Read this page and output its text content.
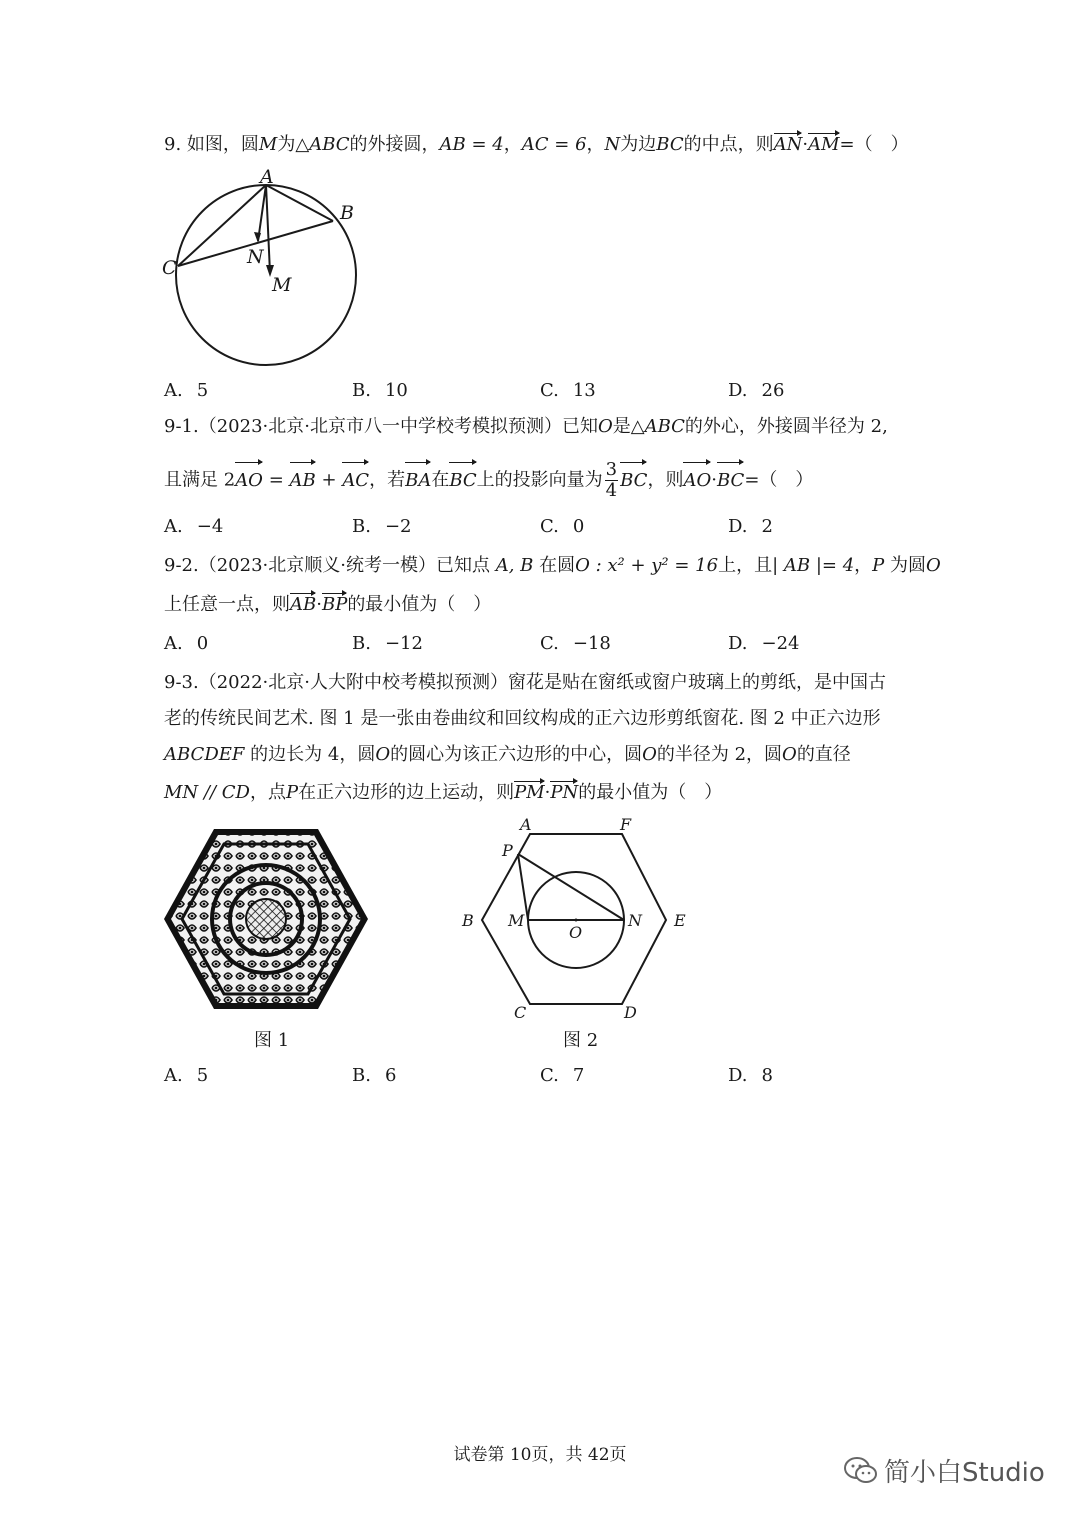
9. 如图，圆M为△ABC的外接圆，AB = 4，AC = 6，N为边BC的中点，则AN·AM=（　）
A
B
C	N
M
A. 5	B. 10	C. 13	D. 26
9-1.（2023·北京·北京市八一中学校考模拟预测）已知O是△ABC的外心，外接圆半径为 2,
且满足 2AO = AB + AC，若BA在BC上的投影向量为 $\frac{3}{4}$ BC，则AO·BC=（　）
A. −4	B. −2	C. 0	D. 2
9-2.（2023·北京顺义·统考一模）已知点 A, B 在圆O : x² + y² = 16上，且| AB |= 4，P 为圆O
上任意一点，则AB·BP的最小值为（　）
A. 0	B. −12	C. −18	D. −24
9-3.（2022·北京·人大附中校考模拟预测）窗花是贴在窗纸或窗户玻璃上的剪纸，是中国古
老的传统民间艺术. 图 1 是一张由卷曲纹和回纹构成的正六边形剪纸窗花. 图 2 中正六边形
ABCDEF 的边长为 4，圆O的圆心为该正六边形的中心，圆O的半径为 2，圆O的直径
MN // CD，点P在正六边形的边上运动，则PM·PN的最小值为（　）
图 1
A	F
P
B M	N E
O
C	D
图 2
A. 5	B. 6	C. 7	D. 8
试卷第 10页，共 42页
简小白Studio
